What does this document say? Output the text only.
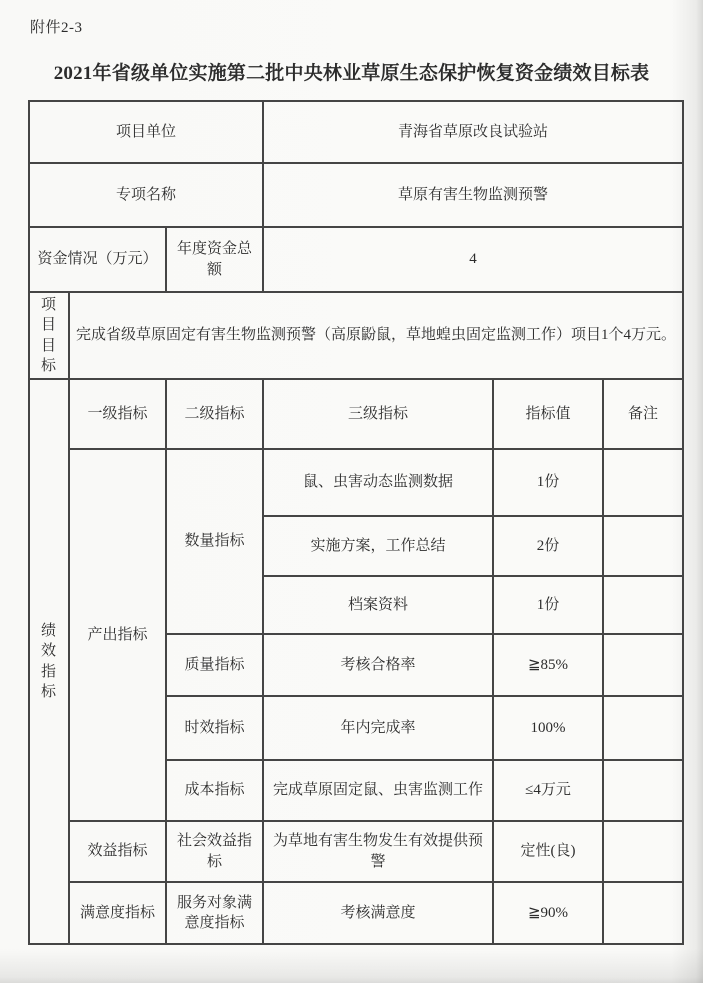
附件2-3
2021年省级单位实施第二批中央林业草原生态保护恢复资金绩效目标表
项目单位			青海省草原改良试验站		
专项名称			草原有害生物监测预警		
资金情况（万元）		年度资金总额	4		
项目目标	完成省级草原固定有害生物监测预警（高原鼢鼠，草地蝗虫固定监测工作）项目1个4万元。				
绩效指标	一级指标	二级指标	三级指标	指标值	备注
	产出指标	数量指标	鼠、虫害动态监测数据	1份	
			实施方案，工作总结	2份	
			档案资料	1份	
		质量指标	考核合格率	≧85%	
		时效指标	年内完成率	100%	
		成本指标	完成草原固定鼠、虫害监测工作	≤4万元	
	效益指标	社会效益指标	为草地有害生物发生有效提供预警	定性(良)	
	满意度指标	服务对象满意度指标	考核满意度	≧90%	
